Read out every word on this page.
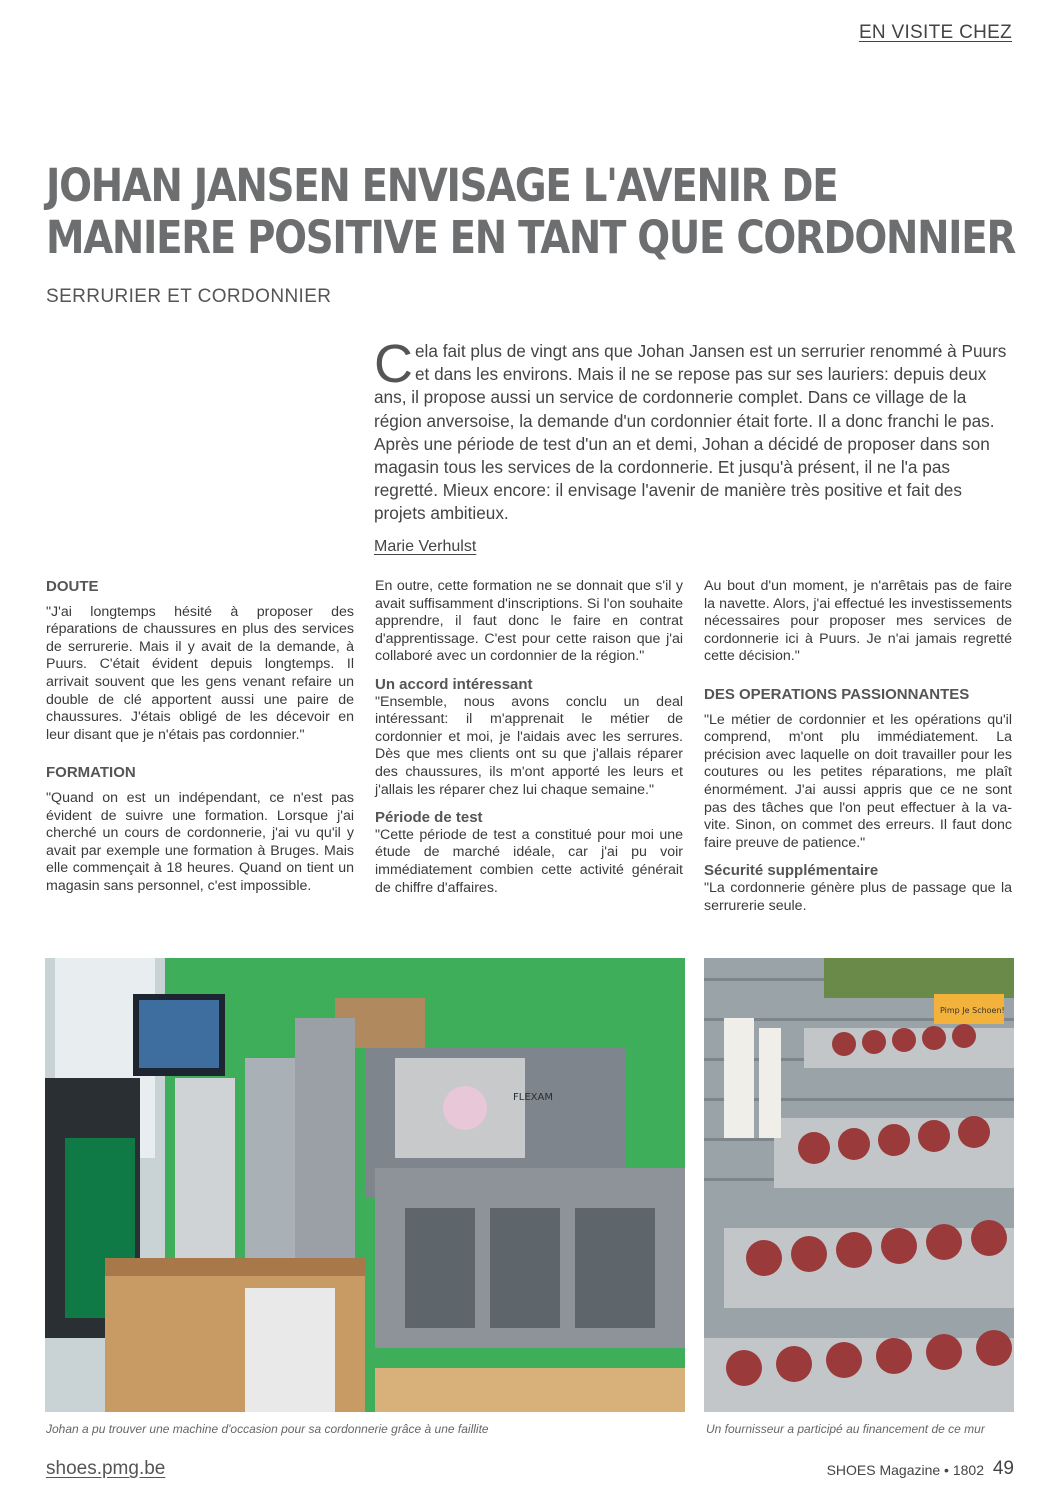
EN VISITE CHEZ
JOHAN JANSEN ENVISAGE L'AVENIR DE
MANIERE POSITIVE EN TANT QUE CORDONNIER
SERRURIER ET CORDONNIER
Cela fait plus de vingt ans que Johan Jansen est un serrurier renommé à Puurs et dans les environs. Mais il ne se repose pas sur ses lauriers: depuis deux ans, il propose aussi un service de cordonnerie complet. Dans ce village de la région anversoise, la demande d'un cordonnier était forte. Il a donc franchi le pas. Après une période de test d'un an et demi, Johan a décidé de proposer dans son magasin tous les services de la cordonnerie. Et jusqu'à présent, il ne l'a pas regretté. Mieux encore: il envisage l'avenir de manière très positive et fait des projets ambitieux.
Marie Verhulst
DOUTE

"J'ai longtemps hésité à proposer des réparations de chaussures en plus des services de serrurerie. Mais il y avait de la demande, à Puurs. C'était évident depuis longtemps. Il arrivait souvent que les gens venant refaire un double de clé apportent aussi une paire de chaussures. J'étais obligé de les décevoir en leur disant que je n'étais pas cordonnier."

FORMATION

"Quand on est un indépendant, ce n'est pas évident de suivre une formation. Lorsque j'ai cherché un cours de cordonnerie, j'ai vu qu'il y avait par exemple une formation à Bruges. Mais elle commençait à 18 heures. Quand on tient un magasin sans personnel, c'est impossible.

En outre, cette formation ne se donnait que s'il y avait suffisamment d'inscriptions. Si l'on souhaite apprendre, il faut donc le faire en contrat d'apprentissage. C'est pour cette raison que j'ai collaboré avec un cordonnier de la région."

Un accord intéressant

"Ensemble, nous avons conclu un deal intéressant: il m'apprenait le métier de cordonnier et moi, je l'aidais avec les serrures. Dès que mes clients ont su que j'allais réparer des chaussures, ils m'ont apporté les leurs et j'allais les réparer chez lui chaque semaine."

Période de test

"Cette période de test a constitué pour moi une étude de marché idéale, car j'ai pu voir immédiatement combien cette activité générait de chiffre d'affaires.

Au bout d'un moment, je n'arrêtais pas de faire la navette. Alors, j'ai effectué les investissements nécessaires pour proposer mes services de cordonnerie ici à Puurs. Je n'ai jamais regretté cette décision."

DES OPERATIONS PASSIONNANTES

"Le métier de cordonnier et les opérations qu'il comprend, m'ont plu immédiatement. La précision avec laquelle on doit travailler pour les coutures ou les petites réparations, me plaît énormément. J'ai aussi appris que ce ne sont pas des tâches que l'on peut effectuer à la va-vite. Sinon, on commet des erreurs. Il faut donc faire preuve de patience."

Sécurité supplémentaire

"La cordonnerie génère plus de passage que la serrurerie seule.

FLEXAM
Johan a pu trouver une machine d'occasion pour sa cordonnerie grâce à une faillite
Pimp Je Schoen!
Un fournisseur a participé au financement de ce mur
shoes.pmg.be	SHOES Magazine • 1802 49
